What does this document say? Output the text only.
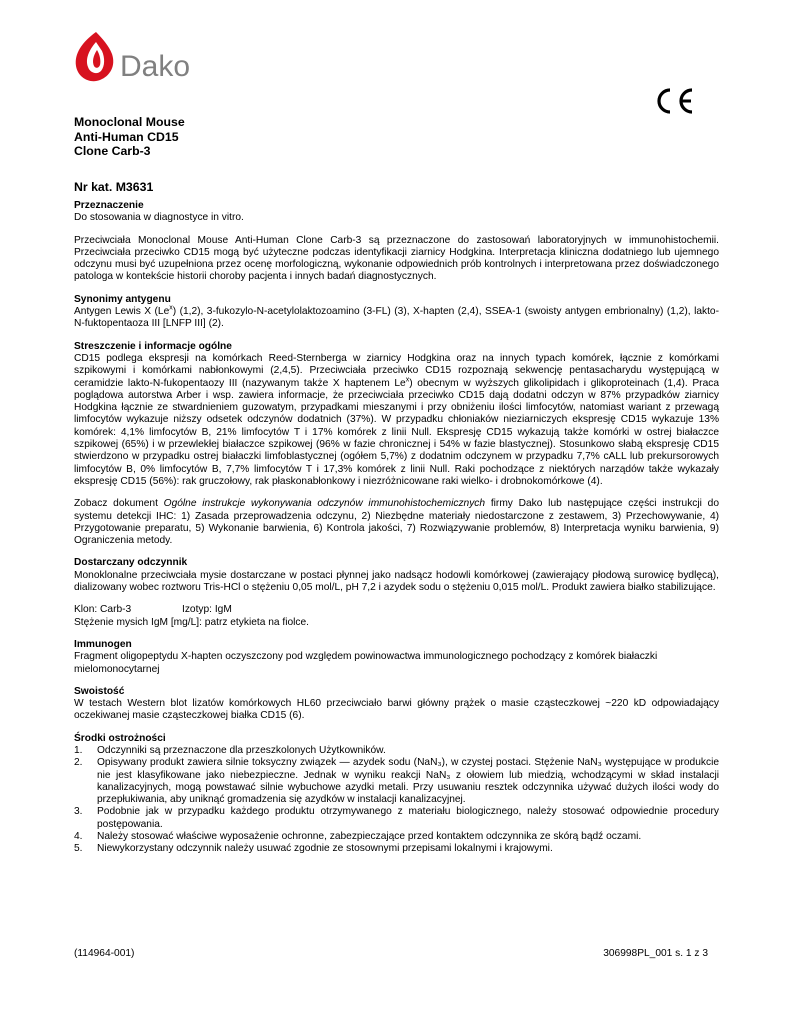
Dako
Monoclonal Mouse
Anti-Human CD15
Clone Carb-3
Nr kat. M3631
Przeznaczenie
Do stosowania w diagnostyce in vitro.
Przeciwciała Monoclonal Mouse Anti-Human Clone Carb-3 są przeznaczone do zastosowań laboratoryjnych w immunohistochemii. Przeciwciała przeciwko CD15 mogą być użyteczne podczas identyfikacji ziarnicy Hodgkina. Interpretacja kliniczna dodatniego lub ujemnego odczynu musi być uzupełniona przez ocenę morfologiczną, wykonanie odpowiednich prób kontrolnych i interpretowana przez doświadczonego patologa w kontekście historii choroby pacjenta i innych badań diagnostycznych.
Synonimy antygenu
Antygen Lewis X (Le$^x$) (1,2), 3-fukozylo-N-acetylolaktozoamino (3-FL) (3), X-hapten (2,4), SSEA-1 (swoisty antygen embrionalny) (1,2), lakto-N-fuktopentaoza III [LNFP III] (2).
Streszczenie i informacje ogólne
CD15 podlega ekspresji na komórkach Reed-Sternberga w ziarnicy Hodgkina oraz na innych typach komórek, łącznie z komórkami szpikowymi i komórkami nabłonkowymi (2,4,5). Przeciwciała przeciwko CD15 rozpoznają sekwencję pentasacharydu występującą w ceramidzie lakto-N-fukopentaozy III (nazywanym także X haptenem Le$^x$) obecnym w wyższych glikolipidach i glikoproteinach (1,4). Praca poglądowa autorstwa Arber i wsp. zawiera informacje, że przeciwciała przeciwko CD15 dają dodatni odczyn w 87% przypadków ziarnicy Hodgkina łącznie ze stwardnieniem guzowatym, przypadkami mieszanymi i przy obniżeniu ilości limfocytów, natomiast wariant z przewagą limfocytów wykazuje niższy odsetek odczynów dodatnich (37%). W przypadku chłoniaków nieziarniczych ekspresję CD15 wykazuje 13% komórek: 4,1% limfocytów B, 21% limfocytów T i 17% komórek z linii Null. Ekspresję CD15 wykazują także komórki w ostrej białaczce szpikowej (65%) i w przewlekłej białaczce szpikowej (96% w fazie chronicznej i 54% w fazie blastycznej). Stosunkowo słabą ekspresję CD15 stwierdzono w przypadku ostrej białaczki limfoblastycznej (ogółem 5,7%) z dodatnim odczynem w przypadku 7,7% cALL lub prekursorowych limfocytów B, 0% limfocytów B, 7,7% limfocytów T i 17,3% komórek z linii Null. Raki pochodzące z niektórych narządów także wykazały ekspresję CD15 (56%): rak gruczołowy, rak płaskonabłonkowy i niezróżnicowane raki wielko- i drobnokomórkowe (4).
Zobacz dokument Ogólne instrukcje wykonywania odczynów immunohistochemicznych firmy Dako lub następujące części instrukcji do systemu detekcji IHC: 1) Zasada przeprowadzenia odczynu, 2) Niezbędne materiały niedostarczone z zestawem, 3) Przechowywanie, 4) Przygotowanie preparatu, 5) Wykonanie barwienia, 6) Kontrola jakości, 7) Rozwiązywanie problemów, 8) Interpretacja wyniku barwienia, 9) Ograniczenia metody.
Dostarczany odczynnik
Monoklonalne przeciwciała mysie dostarczane w postaci płynnej jako nadsącz hodowli komórkowej (zawierający płodową surowicę bydlęcą), dializowany wobec roztworu Tris-HCl o stężeniu 0,05 mol/L, pH 7,2 i azydek sodu o stężeniu 0,015 mol/L. Produkt zawiera białko stabilizujące.
Klon: Carb-3	Izotyp: IgM
Stężenie mysich IgM [mg/L]: patrz etykieta na fiolce.
Immunogen
Fragment oligopeptydu X-hapten oczyszczony pod względem powinowactwa immunologicznego pochodzący z komórek białaczki mielomonocytarnej
Swoistość
W testach Western blot lizatów komórkowych HL60 przeciwciało barwi główny prążek o masie cząsteczkowej ~220 kD odpowiadający oczekiwanej masie cząsteczkowej białka CD15 (6).
Środki ostrożności
1.	Odczynniki są przeznaczone dla przeszkolonych Użytkowników.
2.	Opisywany produkt zawiera silnie toksyczny związek — azydek sodu (NaN₃), w czystej postaci. Stężenie NaN₃ występujące w produkcie nie jest klasyfikowane jako niebezpieczne. Jednak w wyniku reakcji NaN₃ z ołowiem lub miedzią, wchodzącymi w skład instalacji kanalizacyjnych, mogą powstawać silnie wybuchowe azydki metali. Przy usuwaniu resztek odczynnika używać dużych ilości wody do przepłukiwania, aby uniknąć gromadzenia się azydków w instalacji kanalizacyjnej.
3.	Podobnie jak w przypadku każdego produktu otrzymywanego z materiału biologicznego, należy stosować odpowiednie procedury postępowania.
4.	Należy stosować właściwe wyposażenie ochronne, zabezpieczające przed kontaktem odczynnika ze skórą bądź oczami.
5.	Niewykorzystany odczynnik należy usuwać zgodnie ze stosownymi przepisami lokalnymi i krajowymi.
(114964-001)	306998PL_001 s. 1 z 3
